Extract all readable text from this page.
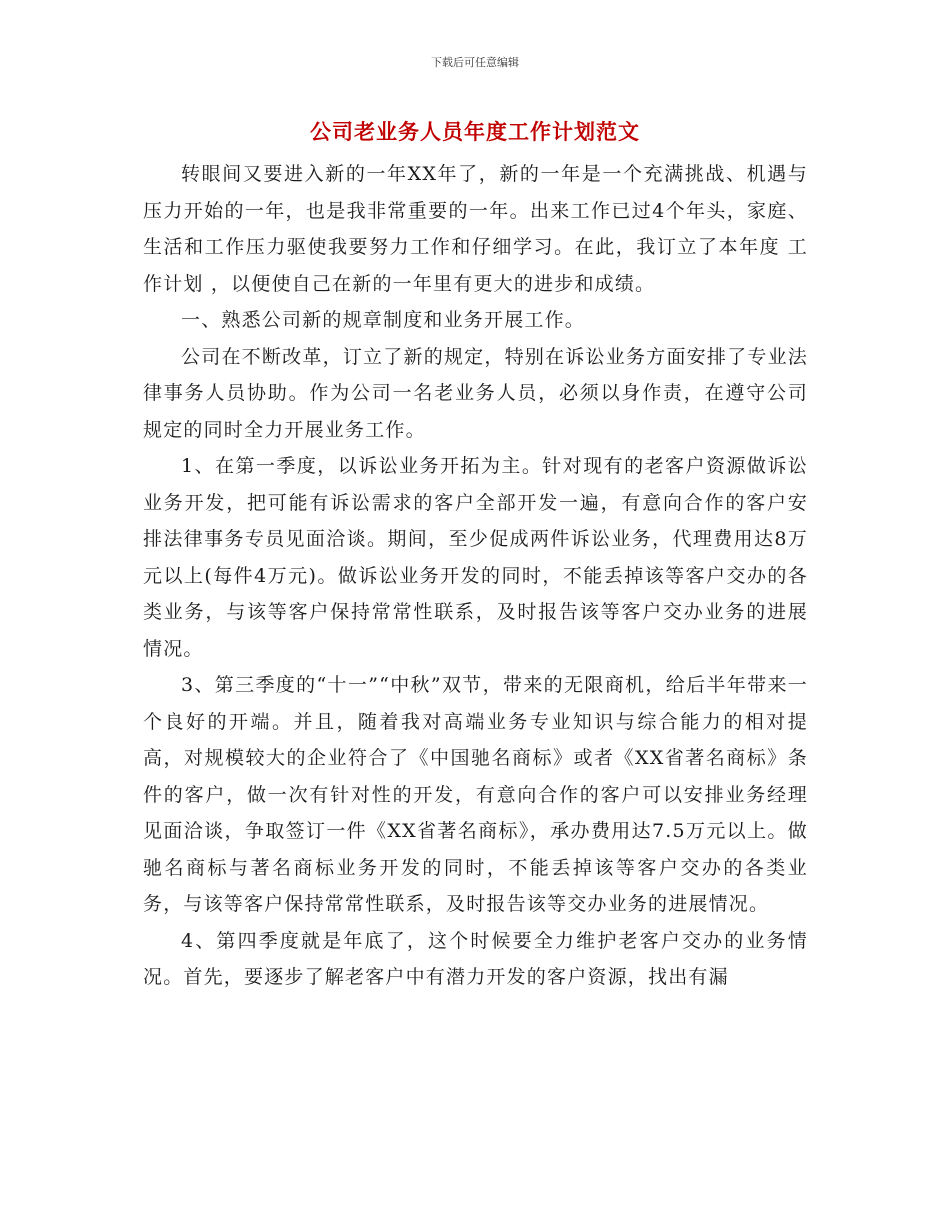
下载后可任意编辑
公司老业务人员年度工作计划范文

转眼间又要进入新的一年XX年了，新的一年是一个充满挑战、机遇与压力开始的一年，也是我非常重要的一年。出来工作已过4个年头，家庭、生活和工作压力驱使我要努力工作和仔细学习。在此，我订立了本年度 工作计划 ，以便使自己在新的一年里有更大的进步和成绩。

一、熟悉公司新的规章制度和业务开展工作。

公司在不断改革，订立了新的规定，特别在诉讼业务方面安排了专业法律事务人员协助。作为公司一名老业务人员，必须以身作责，在遵守公司规定的同时全力开展业务工作。

1、在第一季度，以诉讼业务开拓为主。针对现有的老客户资源做诉讼业务开发，把可能有诉讼需求的客户全部开发一遍，有意向合作的客户安排法律事务专员见面洽谈。期间，至少促成两件诉讼业务，代理费用达8万元以上(每件4万元)。做诉讼业务开发的同时，不能丢掉该等客户交办的各类业务，与该等客户保持常常性联系，及时报告该等客户交办业务的进展情况。

3、第三季度的“十一”“中秋”双节，带来的无限商机，给后半年带来一个良好的开端。并且，随着我对高端业务专业知识与综合能力的相对提高，对规模较大的企业符合了《中国驰名商标》或者《XX省著名商标》条件的客户，做一次有针对性的开发，有意向合作的客户可以安排业务经理见面洽谈，争取签订一件《XX省著名商标》，承办费用达7.5万元以上。做驰名商标与著名商标业务开发的同时，不能丢掉该等客户交办的各类业务，与该等客户保持常常性联系，及时报告该等交办业务的进展情况。

4、第四季度就是年底了，这个时候要全力维护老客户交办的业务情况。首先，要逐步了解老客户中有潜力开发的客户资源，找出有漏
